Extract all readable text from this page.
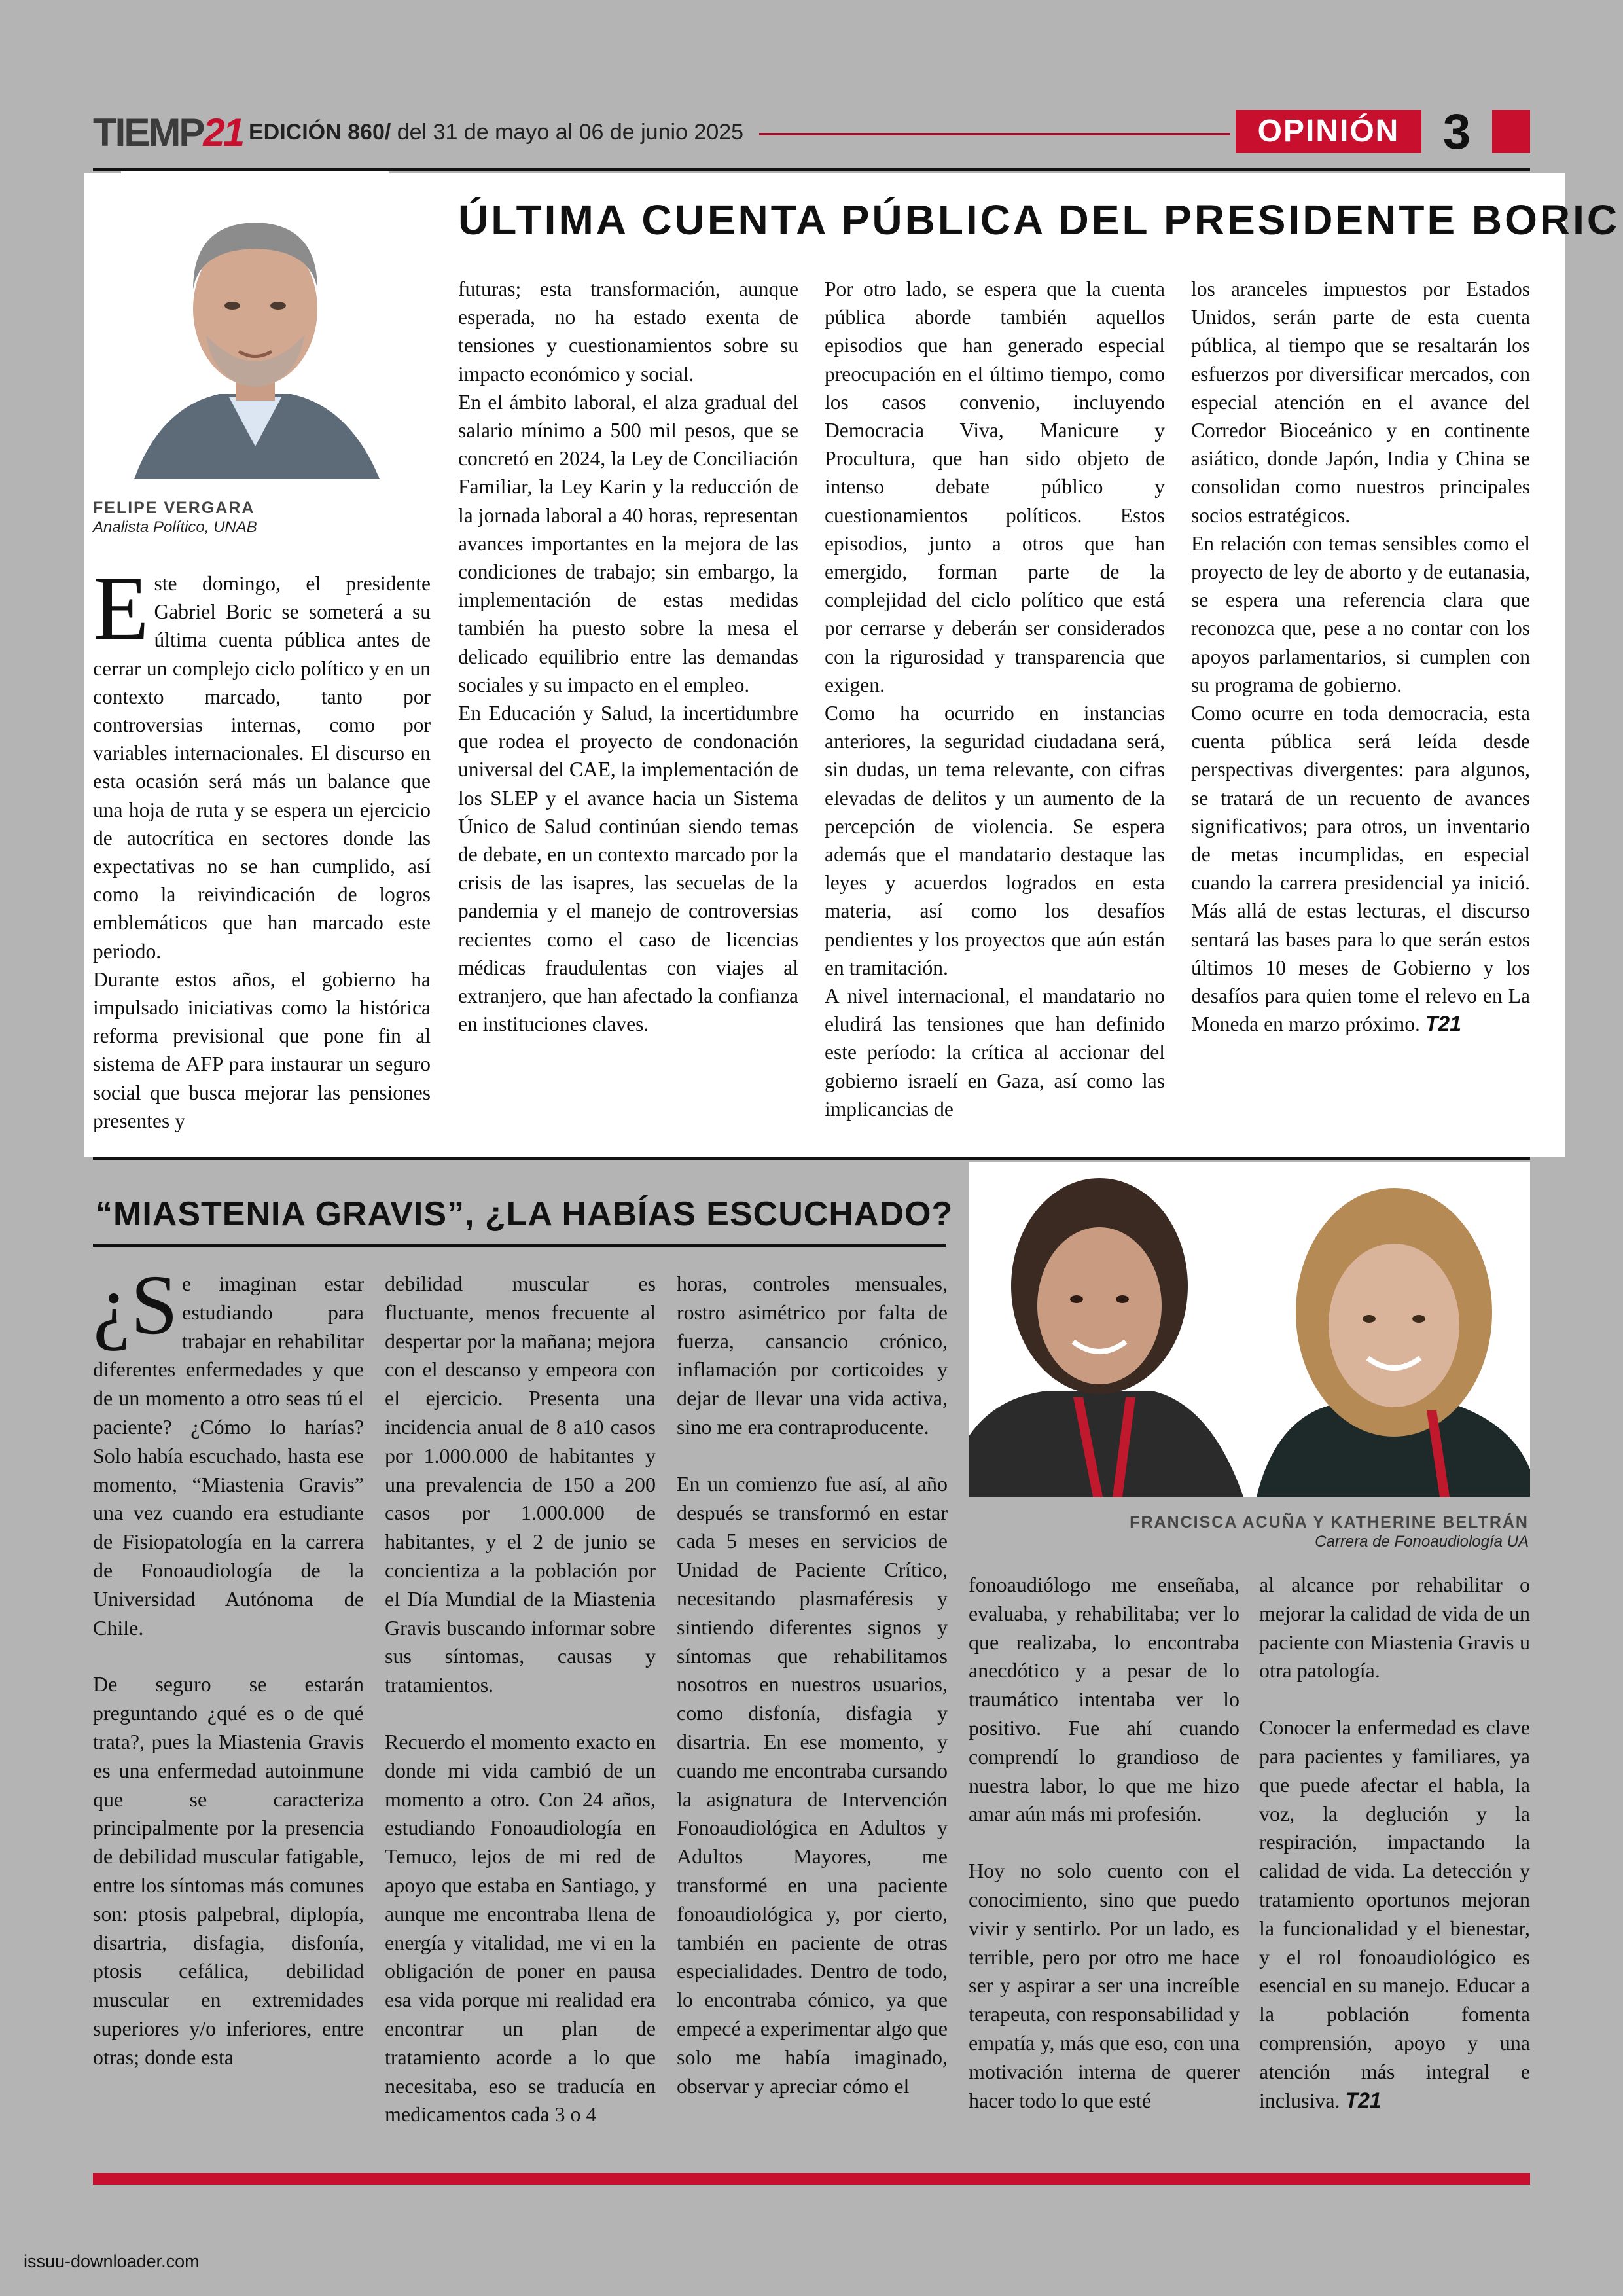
TIEMP21 EDICIÓN 860/ del 31 de mayo al 06 de junio 2025	OPINIÓN 3
ÚLTIMA CUENTA PÚBLICA DEL PRESIDENTE BORIC
FELIPE VERGARA
Analista Político, UNAB

Este domingo, el presidente Gabriel Boric se someterá a su última cuenta pública antes de cerrar un complejo ciclo político y en un contexto marcado, tanto por controversias internas, como por variables internacionales. El discurso en esta ocasión será más un balance que una hoja de ruta y se espera un ejercicio de autocrítica en sectores donde las expectativas no se han cumplido, así como la reivindicación de logros emblemáticos que han marcado este periodo.

Durante estos años, el gobierno ha impulsado iniciativas como la histórica reforma previsional que pone fin al sistema de AFP para instaurar un seguro social que busca mejorar las pensiones presentes y

futuras; esta transformación, aunque esperada, no ha estado exenta de tensiones y cuestionamientos sobre su impacto económico y social.

En el ámbito laboral, el alza gradual del salario mínimo a 500 mil pesos, que se concretó en 2024, la Ley de Conciliación Familiar, la Ley Karin y la reducción de la jornada laboral a 40 horas, representan avances importantes en la mejora de las condiciones de trabajo; sin embargo, la implementación de estas medidas también ha puesto sobre la mesa el delicado equilibrio entre las demandas sociales y su impacto en el empleo.

En Educación y Salud, la incertidumbre que rodea el proyecto de condonación universal del CAE, la implementación de los SLEP y el avance hacia un Sistema Único de Salud continúan siendo temas de debate, en un contexto marcado por la crisis de las isapres, las secuelas de la pandemia y el manejo de controversias recientes como el caso de licencias médicas fraudulentas con viajes al extranjero, que han afectado la confianza en instituciones claves.

Por otro lado, se espera que la cuenta pública aborde también aquellos episodios que han generado especial preocupación en el último tiempo, como los casos convenio, incluyendo Democracia Viva, Manicure y Procultura, que han sido objeto de intenso debate público y cuestionamientos políticos. Estos episodios, junto a otros que han emergido, forman parte de la complejidad del ciclo político que está por cerrarse y deberán ser considerados con la rigurosidad y transparencia que exigen.

Como ha ocurrido en instancias anteriores, la seguridad ciudadana será, sin dudas, un tema relevante, con cifras elevadas de delitos y un aumento de la percepción de violencia. Se espera además que el mandatario destaque las leyes y acuerdos logrados en esta materia, así como los desafíos pendientes y los proyectos que aún están en tramitación.

A nivel internacional, el mandatario no eludirá las tensiones que han definido este período: la crítica al accionar del gobierno israelí en Gaza, así como las implicancias de

los aranceles impuestos por Estados Unidos, serán parte de esta cuenta pública, al tiempo que se resaltarán los esfuerzos por diversificar mercados, con especial atención en el avance del Corredor Bioceánico y en continente asiático, donde Japón, India y China se consolidan como nuestros principales socios estratégicos.

En relación con temas sensibles como el proyecto de ley de aborto y de eutanasia, se espera una referencia clara que reconozca que, pese a no contar con los apoyos parlamentarios, si cumplen con su programa de gobierno.

Como ocurre en toda democracia, esta cuenta pública será leída desde perspectivas divergentes: para algunos, se tratará de un recuento de avances significativos; para otros, un inventario de metas incumplidas, en especial cuando la carrera presidencial ya inició. Más allá de estas lecturas, el discurso sentará las bases para lo que serán estos últimos 10 meses de Gobierno y los desafíos para quien tome el relevo en La Moneda en marzo próximo. T21

“MIASTENIA GRAVIS”, ¿LA HABÍAS ESCUCHADO?
FRANCISCA ACUÑA Y KATHERINE BELTRÁN
Carrera de Fonoaudiología UA

¿S e imaginan estar estudiando para trabajar en rehabilitar diferentes enfermedades y que de un momento a otro seas tú el paciente? ¿Cómo lo harías? Solo había escuchado, hasta ese momento, “Miastenia Gravis” una vez cuando era estudiante de Fisiopatología en la carrera de Fonoaudiología de la Universidad Autónoma de Chile.

De seguro se estarán preguntando ¿qué es o de qué trata?, pues la Miastenia Gravis es una enfermedad autoinmune que se caracteriza principalmente por la presencia de debilidad muscular fatigable, entre los síntomas más comunes son: ptosis palpebral, diplopía, disartria, disfagia, disfonía, ptosis cefálica, debilidad muscular en extremidades superiores y/o inferiores, entre otras; donde esta

debilidad muscular es fluctuante, menos frecuente al despertar por la mañana; mejora con el descanso y empeora con el ejercicio. Presenta una incidencia anual de 8 a10 casos por 1.000.000 de habitantes y una prevalencia de 150 a 200 casos por 1.000.000 de habitantes, y el 2 de junio se concientiza a la población por el Día Mundial de la Miastenia Gravis buscando informar sobre sus síntomas, causas y tratamientos.

Recuerdo el momento exacto en donde mi vida cambió de un momento a otro. Con 24 años, estudiando Fonoaudiología en Temuco, lejos de mi red de apoyo que estaba en Santiago, y aunque me encontraba llena de energía y vitalidad, me vi en la obligación de poner en pausa esa vida porque mi realidad era encontrar un plan de tratamiento acorde a lo que necesitaba, eso se traducía en medicamentos cada 3 o 4

horas, controles mensuales, rostro asimétrico por falta de fuerza, cansancio crónico, inflamación por corticoides y dejar de llevar una vida activa, sino me era contraproducente.

En un comienzo fue así, al año después se transformó en estar cada 5 meses en servicios de Unidad de Paciente Crítico, necesitando plasmaféresis y sintiendo diferentes signos y síntomas que rehabilitamos nosotros en nuestros usuarios, como disfonía, disfagia y disartria. En ese momento, y cuando me encontraba cursando la asignatura de Intervención Fonoaudiológica en Adultos y Adultos Mayores, me transformé en una paciente fonoaudiológica y, por cierto, también en paciente de otras especialidades. Dentro de todo, lo encontraba cómico, ya que empecé a experimentar algo que solo me había imaginado, observar y apreciar cómo el

fonoaudiólogo me enseñaba, evaluaba, y rehabilitaba; ver lo que realizaba, lo encontraba anecdótico y a pesar de lo traumático intentaba ver lo positivo. Fue ahí cuando comprendí lo grandioso de nuestra labor, lo que me hizo amar aún más mi profesión.

Hoy no solo cuento con el conocimiento, sino que puedo vivir y sentirlo. Por un lado, es terrible, pero por otro me hace ser y aspirar a ser una increíble terapeuta, con responsabilidad y empatía y, más que eso, con una motivación interna de querer hacer todo lo que esté

al alcance por rehabilitar o mejorar la calidad de vida de un paciente con Miastenia Gravis u otra patología.

Conocer la enfermedad es clave para pacientes y familiares, ya que puede afectar el habla, la voz, la deglución y la respiración, impactando la calidad de vida. La detección y tratamiento oportunos mejoran la funcionalidad y el bienestar, y el rol fonoaudiológico es esencial en su manejo. Educar a la población fomenta comprensión, apoyo y una atención más integral e inclusiva. T21

issuu-downloader.com
